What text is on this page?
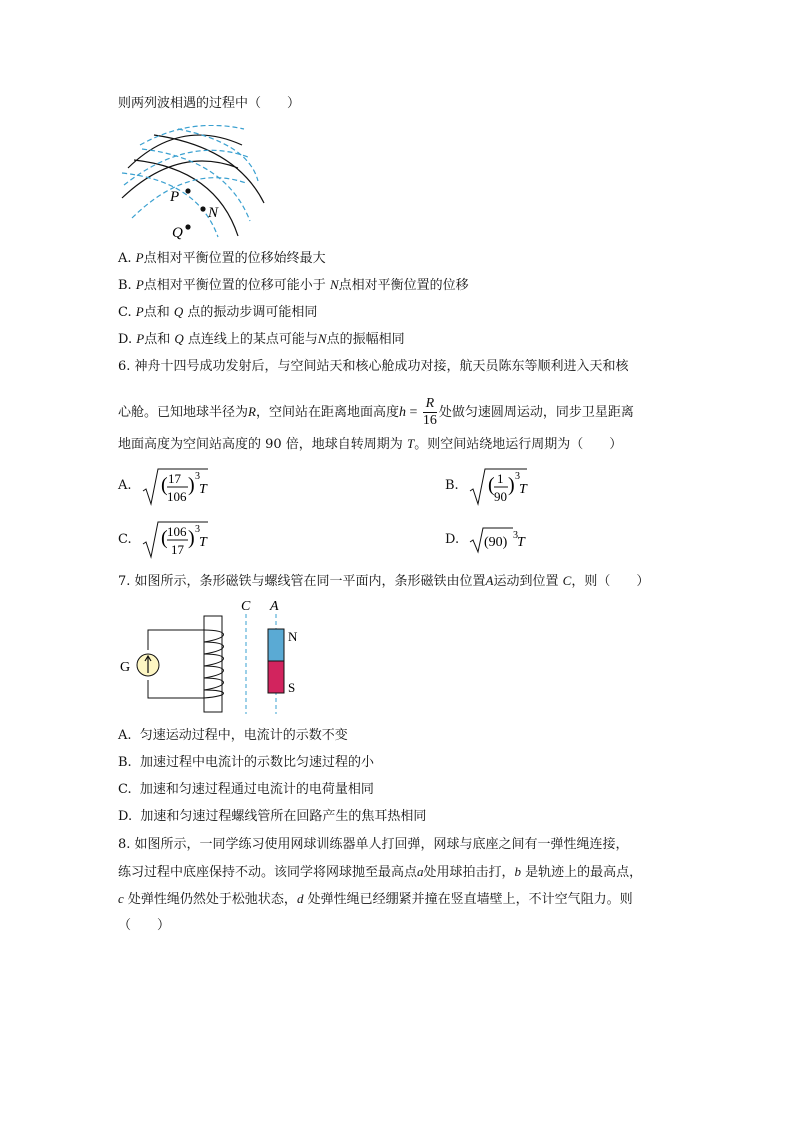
则两列波相遇的过程中（　　）
P
N
Q
A. P点相对平衡位置的位移始终最大
B. P点相对平衡位置的位移可能小于 N点相对平衡位置的位移
C. P点和 Q 点的振动步调可能相同
D. P点和 Q 点连线上的某点可能与N点的振幅相同
6. 神舟十四号成功发射后，与空间站天和核心舱成功对接，航天员陈东等顺利进入天和核
心舱。已知地球半径为R，空间站在距离地面高度$h = \frac{R}{16}$ 处做匀速圆周运动，同步卫星距离
地面高度为空间站高度的 90 倍，地球自转周期为 T。则空间站绕地运行周期为（　　）
A. ( 17
106
) 3
T	B. ( 1
90
) 3
T
C. ( 106
17
) 3
T	D. (90) 3 T
7. 如图所示，条形磁铁与螺线管在同一平面内，条形磁铁由位置A运动到位置 C，则（　　）
G
C A
N
S
A. 匀速运动过程中，电流计的示数不变
B. 加速过程中电流计的示数比匀速过程的小
C. 加速和匀速过程通过电流计的电荷量相同
D. 加速和匀速过程螺线管所在回路产生的焦耳热相同
8. 如图所示，一同学练习使用网球训练器单人打回弹，网球与底座之间有一弹性绳连接，
练习过程中底座保持不动。该同学将网球抛至最高点a处用球拍击打，b 是轨迹上的最高点，
c 处弹性绳仍然处于松弛状态，d 处弹性绳已经绷紧并撞在竖直墙壁上，不计空气阻力。则
（　　）
